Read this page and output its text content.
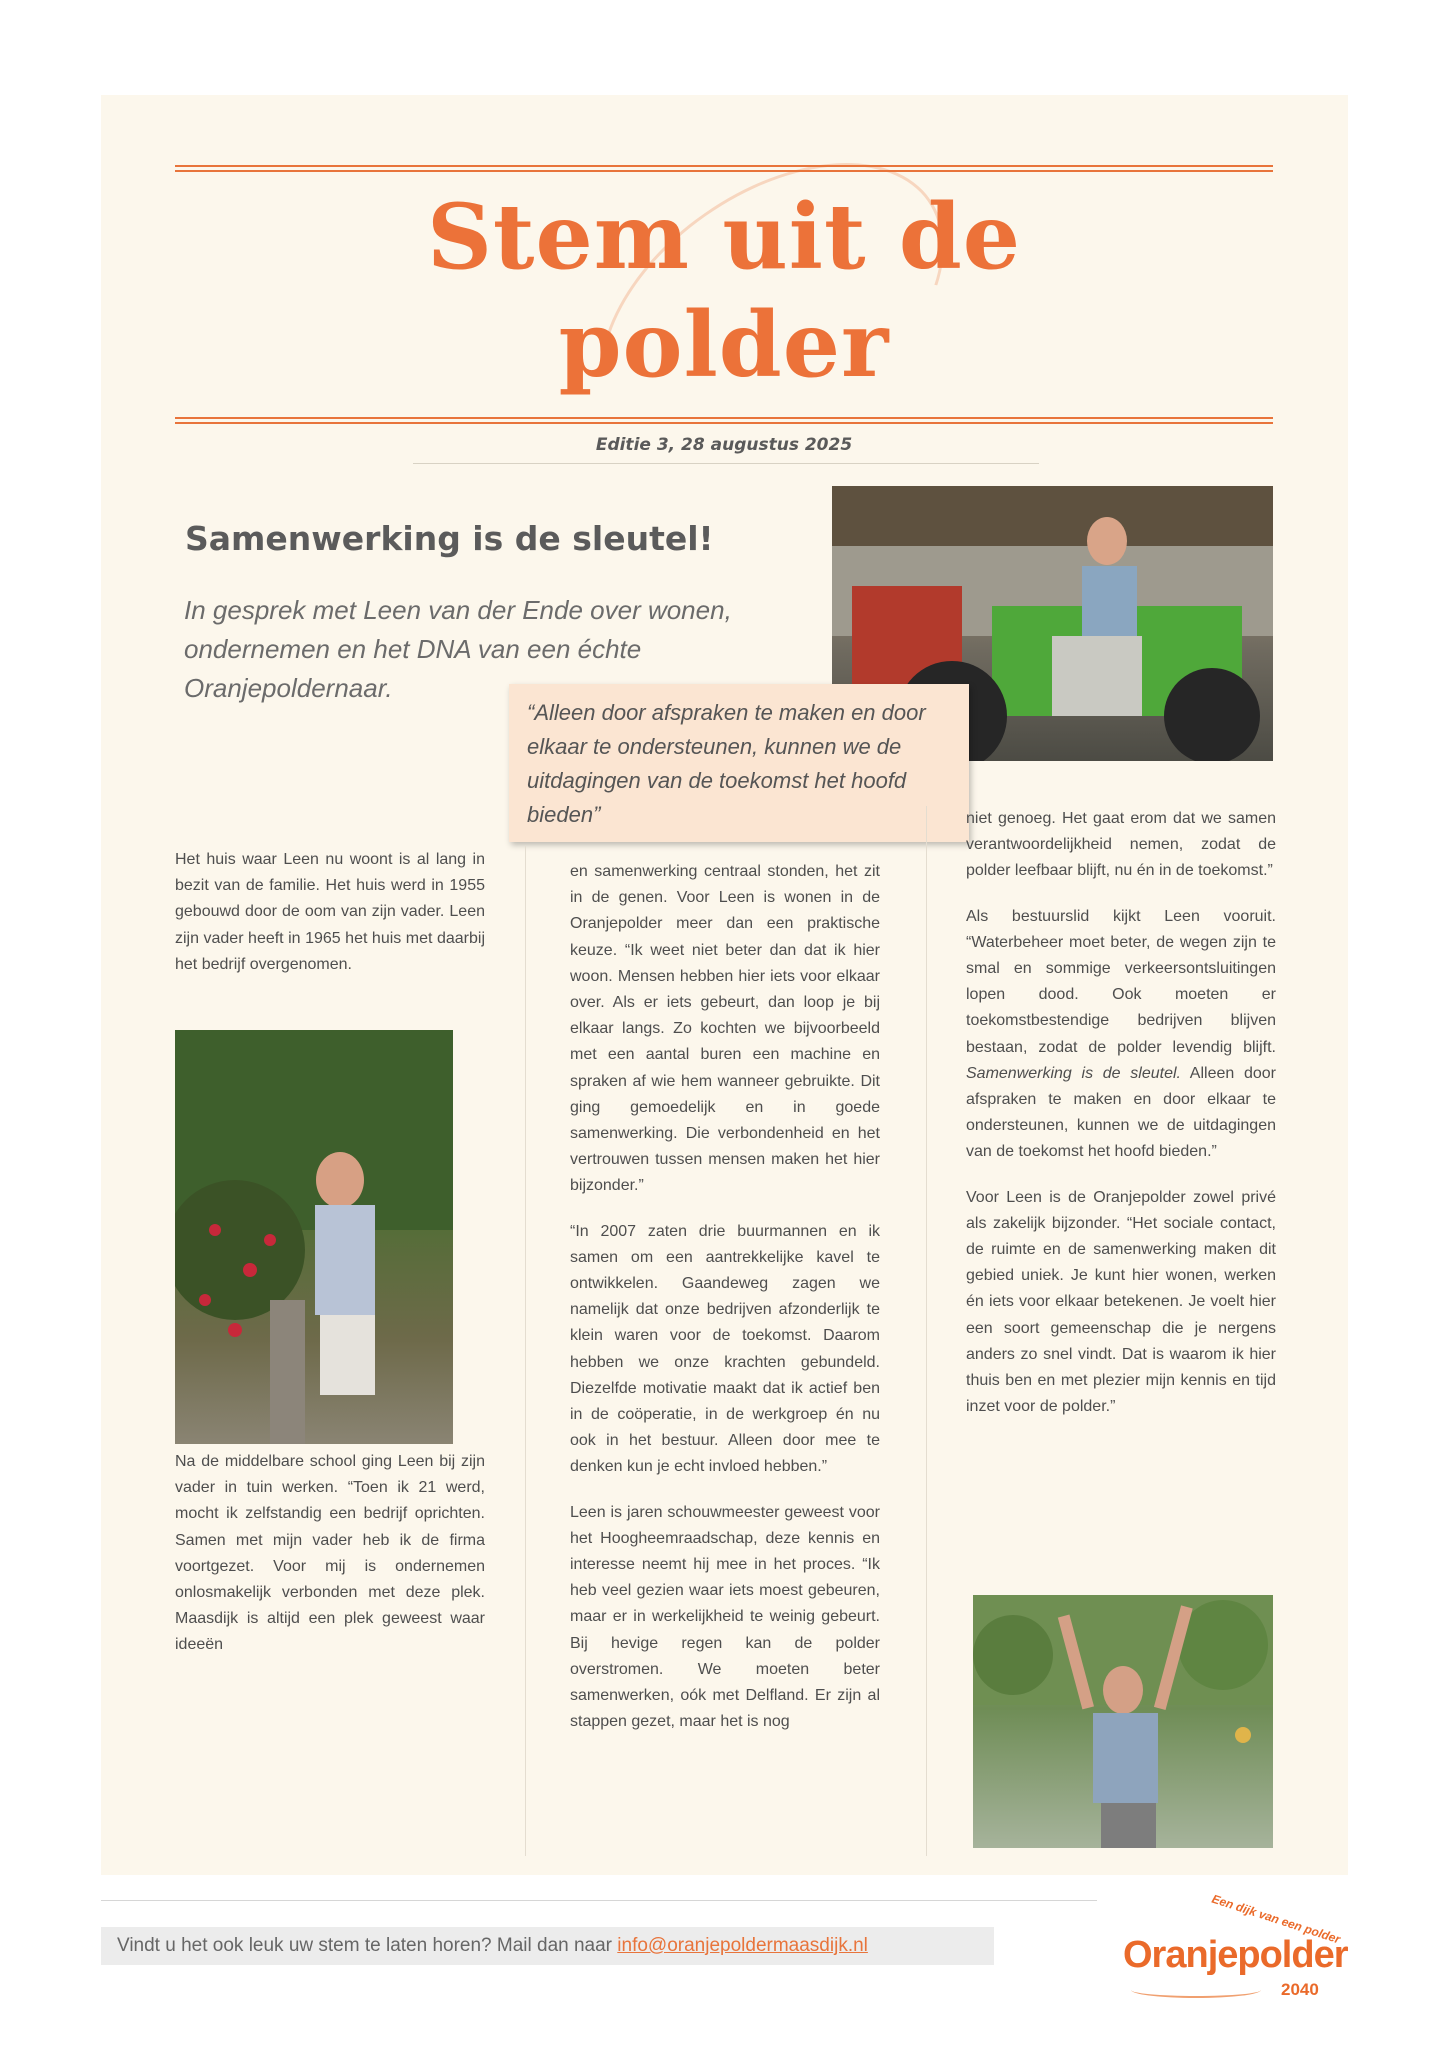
Stem uit de
polder
Editie 3, 28 augustus 2025
Samenwerking is de sleutel!
In gesprek met Leen van der Ende over wonen, ondernemen en het DNA van een échte Oranjepoldernaar.
“Alleen door afspraken te maken en door elkaar te ondersteunen, kunnen we de uitdagingen van de toekomst het hoofd bieden”

Het huis waar Leen nu woont is al lang in bezit van de familie. Het huis werd in 1955 gebouwd door de oom van zijn vader. Leen zijn vader heeft in 1965 het huis met daarbij het bedrijf overgenomen.

Na de middelbare school ging Leen bij zijn vader in tuin werken. “Toen ik 21 werd, mocht ik zelfstandig een bedrijf oprichten. Samen met mijn vader heb ik de firma voortgezet. Voor mij is ondernemen onlosmakelijk verbonden met deze plek. Maasdijk is altijd een plek geweest waar ideeën

en samenwerking centraal stonden, het zit in de genen. Voor Leen is wonen in de Oranjepolder meer dan een praktische keuze. “Ik weet niet beter dan dat ik hier woon. Mensen hebben hier iets voor elkaar over. Als er iets gebeurt, dan loop je bij elkaar langs. Zo kochten we bijvoorbeeld met een aantal buren een machine en spraken af wie hem wanneer gebruikte. Dit ging gemoedelijk en in goede samenwerking. Die verbondenheid en het vertrouwen tussen mensen maken het hier bijzonder.”

“In 2007 zaten drie buurmannen en ik samen om een aantrekkelijke kavel te ontwikkelen. Gaandeweg zagen we namelijk dat onze bedrijven afzonderlijk te klein waren voor de toekomst. Daarom hebben we onze krachten gebundeld. Diezelfde motivatie maakt dat ik actief ben in de coöperatie, in de werkgroep én nu ook in het bestuur. Alleen door mee te denken kun je echt invloed hebben.”

Leen is jaren schouwmeester geweest voor het Hoogheemraadschap, deze kennis en interesse neemt hij mee in het proces. “Ik heb veel gezien waar iets moest gebeuren, maar er in werkelijkheid te weinig gebeurt. Bij hevige regen kan de polder overstromen. We moeten beter samenwerken, oók met Delfland. Er zijn al stappen gezet, maar het is nog

niet genoeg. Het gaat erom dat we samen verantwoordelijkheid nemen, zodat de polder leefbaar blijft, nu én in de toekomst.”

Als bestuurslid kijkt Leen vooruit. “Waterbeheer moet beter, de wegen zijn te smal en sommige verkeersontsluitingen lopen dood. Ook moeten er toekomstbestendige bedrijven blijven bestaan, zodat de polder levendig blijft. Samenwerking is de sleutel. Alleen door afspraken te maken en door elkaar te ondersteunen, kunnen we de uitdagingen van de toekomst het hoofd bieden.”

Voor Leen is de Oranjepolder zowel privé als zakelijk bijzonder. “Het sociale contact, de ruimte en de samenwerking maken dit gebied uniek. Je kunt hier wonen, werken én iets voor elkaar betekenen. Je voelt hier een soort gemeenschap die je nergens anders zo snel vindt. Dat is waarom ik hier thuis ben en met plezier mijn kennis en tijd inzet voor de polder.”

Vindt u het ook leuk uw stem te laten horen? Mail dan naar info@oranjepoldermaasdijk.nl	Een dijk van een polder
Oranjepolder
2040
